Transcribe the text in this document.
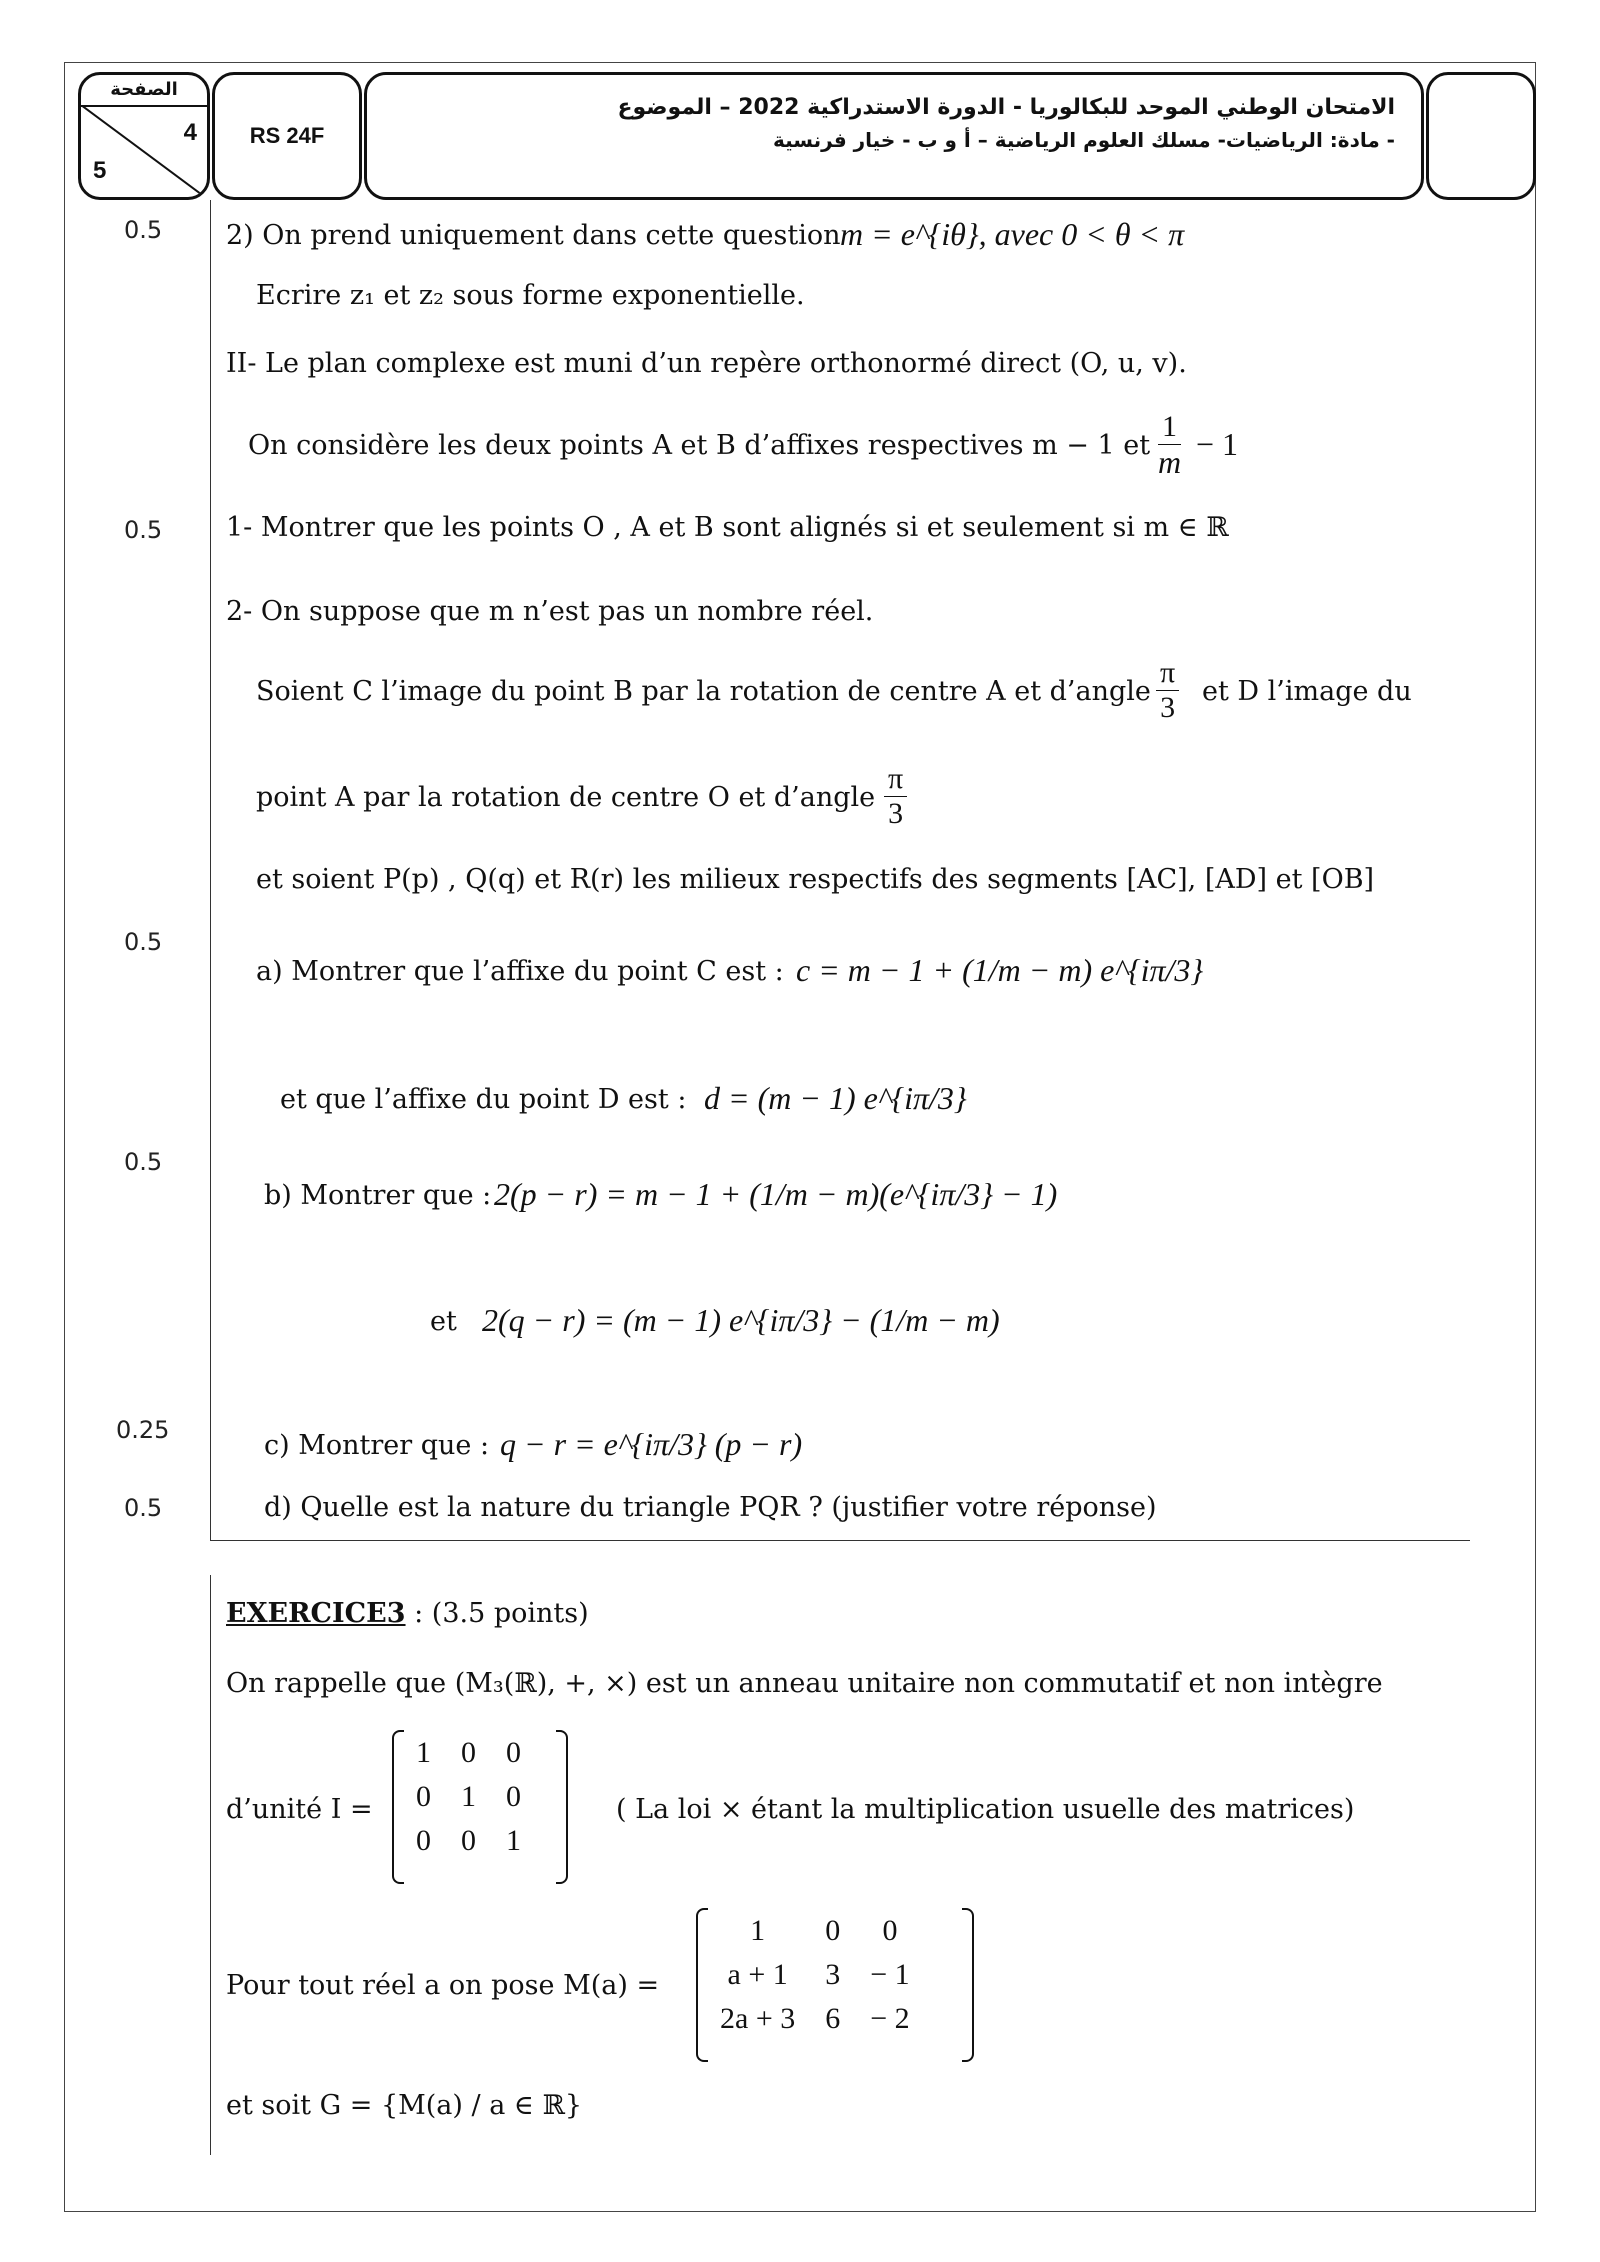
الصفحة
4
5
RS 24F
الامتحان الوطني الموحد للبكالوريا - الدورة الاستدراكية 2022 – الموضوع
- مادة: الرياضيات- مسلك العلوم الرياضية – أ و ب - خيار فرنسية
0.5
0.5
0.5
0.5
0.25
0.5
2) On prend uniquement dans cette question m = e^{iθ}, avec 0 < θ < π
Ecrire z₁ et z₂ sous forme exponentielle.
II- Le plan complexe est muni d’un repère orthonormé direct (O, u, v).
On considère les deux points A et B d’affixes respectives m − 1 et $\frac{1}{m} - 1$
1- Montrer que les points O , A et B sont alignés si et seulement si m ∈ ℝ
2- On suppose que m n’est pas un nombre réel.
Soient C l’image du point B par la rotation de centre A et d’angle $\frac{\pi}{3}$ et D l’image du
point A par la rotation de centre O et d’angle $\frac{\pi}{3}$
et soient P(p) , Q(q) et R(r) les milieux respectifs des segments [AC], [AD] et [OB]
a) Montrer que l’affixe du point C est : c = m − 1 + (1/m − m) e^{iπ/3}
et que l’affixe du point D est : d = (m − 1) e^{iπ/3}
b) Montrer que : 2(p − r) = m − 1 + (1/m − m)(e^{iπ/3} − 1)
et 2(q − r) = (m − 1) e^{iπ/3} − (1/m − m)
c) Montrer que : q − r = e^{iπ/3} (p − r)
d) Quelle est la nature du triangle PQR ? (justifier votre réponse)
EXERCICE3 : (3.5 points)
On rappelle que (M₃(ℝ), +, ×) est un anneau unitaire non commutatif et non intègre
d’unité I =
1	0	0
0	1	0
0	0	1
( La loi × étant la multiplication usuelle des matrices)
Pour tout réel a on pose M(a) =
1	0	0
a + 1	3	− 1
2a + 3	6	− 2
et soit G = {M(a) / a ∈ ℝ}
